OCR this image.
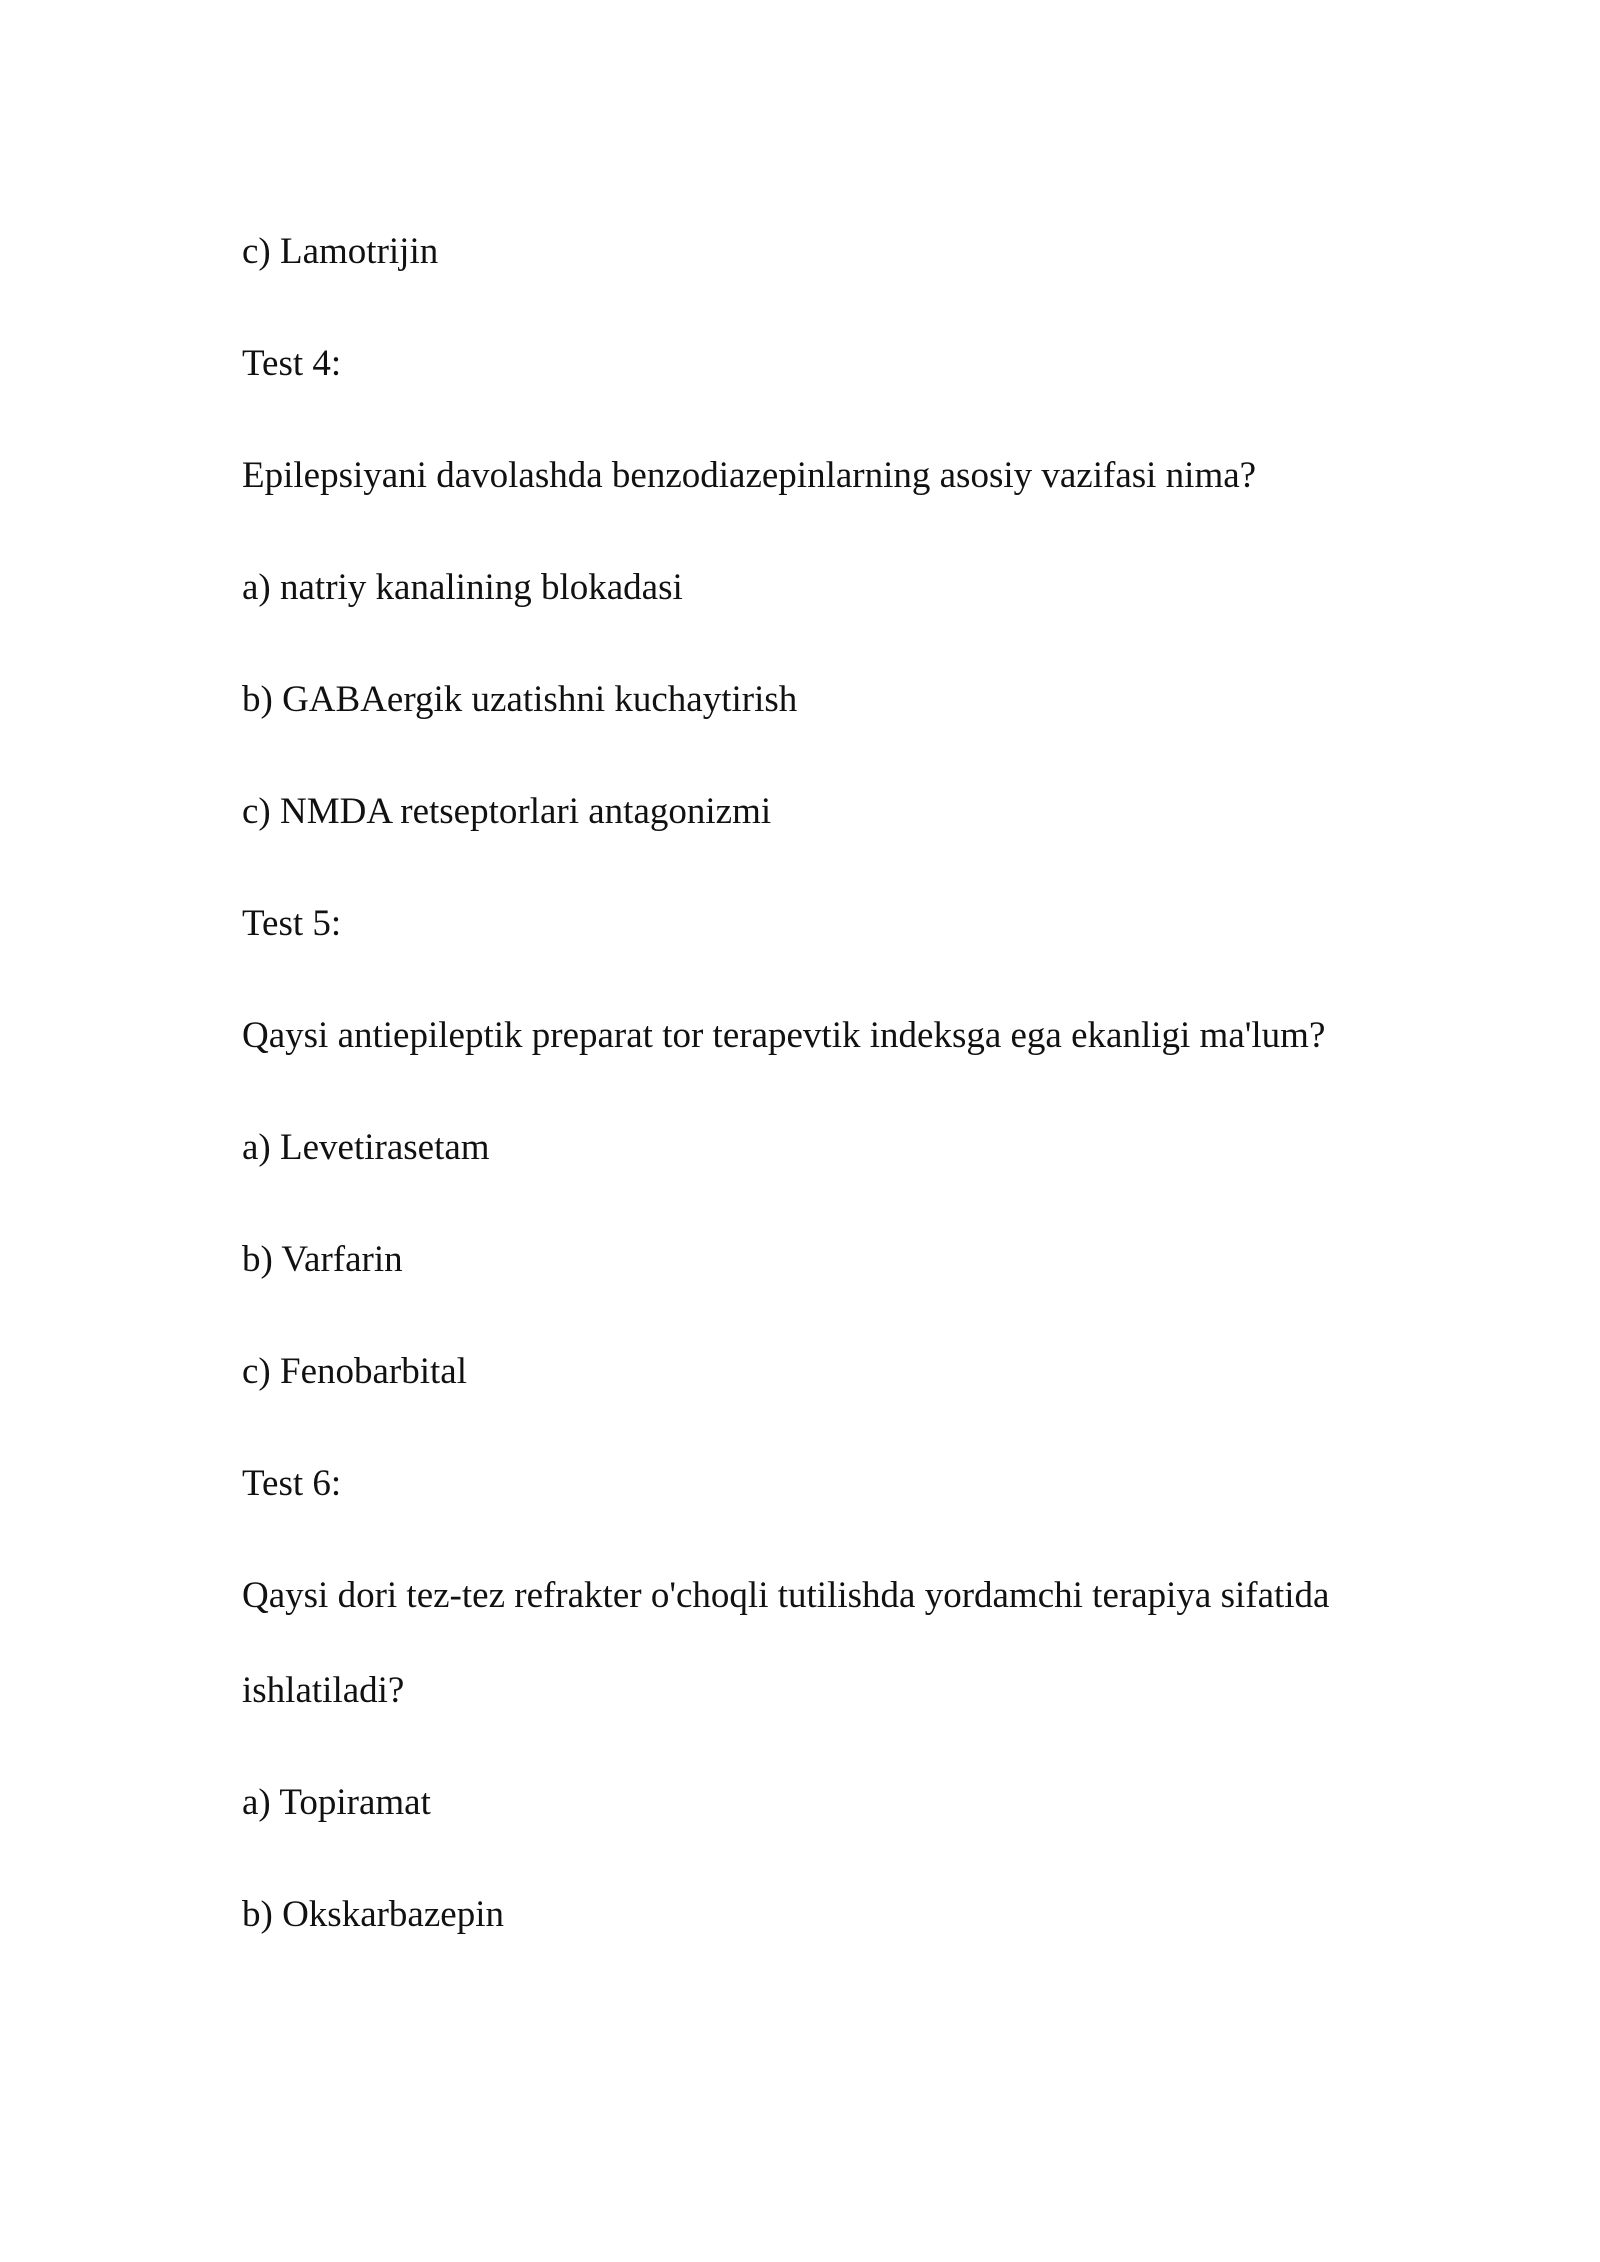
c) Lamotrijin
Test 4:
Epilepsiyani davolashda benzodiazepinlarning asosiy vazifasi nima?
a) natriy kanalining blokadasi
b) GABAergik uzatishni kuchaytirish
c) NMDA retseptorlari antagonizmi
Test 5:
Qaysi antiepileptik preparat tor terapevtik indeksga ega ekanligi ma'lum?
a) Levetirasetam
b) Varfarin
c) Fenobarbital
Test 6:
Qaysi dori tez-tez refrakter o'choqli tutilishda yordamchi terapiya sifatida
ishlatiladi?
a) Topiramat
b) Okskarbazepin
